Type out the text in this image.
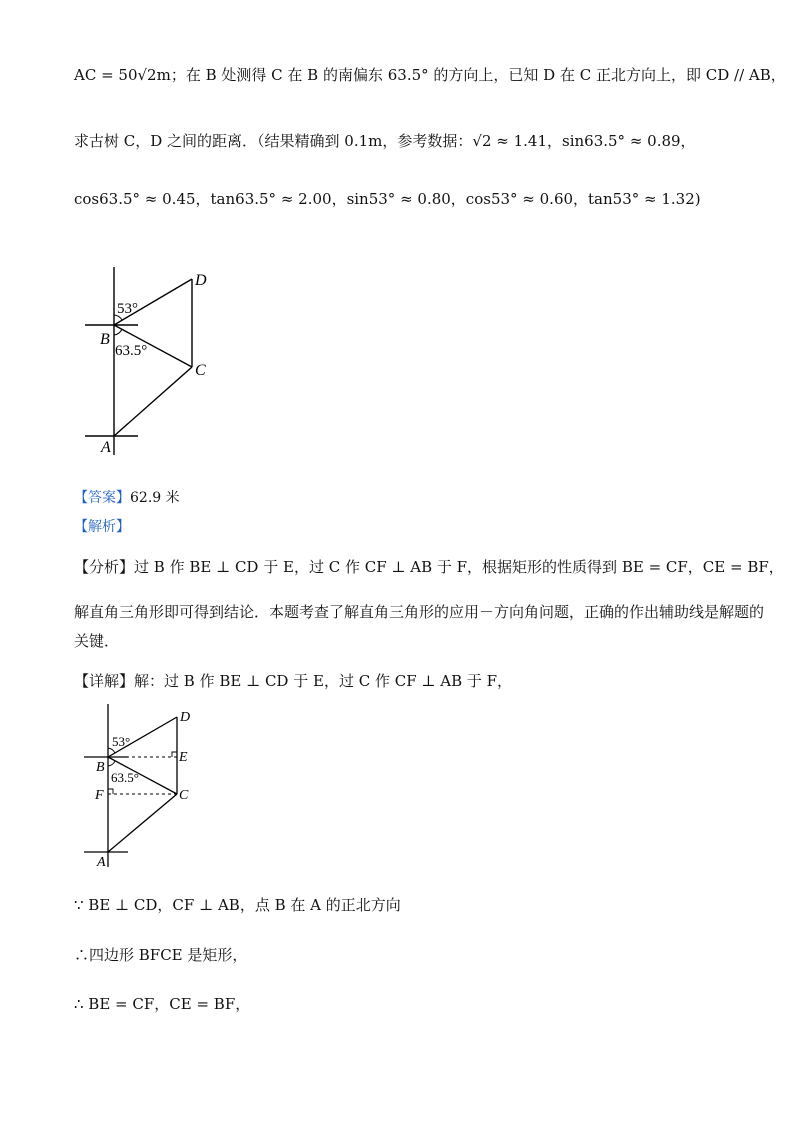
AC = 50√2m；在 B 处测得 C 在 B 的南偏东 63.5° 的方向上，已知 D 在 C 正北方向上，即 CD // AB，
求古树 C，D 之间的距离．（结果精确到 0.1m，参考数据：√2 ≈ 1.41，sin63.5° ≈ 0.89，
cos63.5° ≈ 0.45，tan63.5° ≈ 2.00，sin53° ≈ 0.80，cos53° ≈ 0.60，tan53° ≈ 1.32)
53°
63.5°
D
B
C
A
【答案】62.9 米
【解析】
【分析】过 B 作 BE ⊥ CD 于 E，过 C 作 CF ⊥ AB 于 F，根据矩形的性质得到 BE = CF，CE = BF，
解直角三角形即可得到结论．本题考查了解直角三角形的应用－方向角问题，正确的作出辅助线是解题的
关键．
【详解】解：过 B 作 BE ⊥ CD 于 E，过 C 作 CF ⊥ AB 于 F，
53°
63.5°
D
E
B
F	C
A
∵ BE ⊥ CD，CF ⊥ AB，点 B 在 A 的正北方向
∴四边形 BFCE 是矩形，
∴ BE = CF，CE = BF，
